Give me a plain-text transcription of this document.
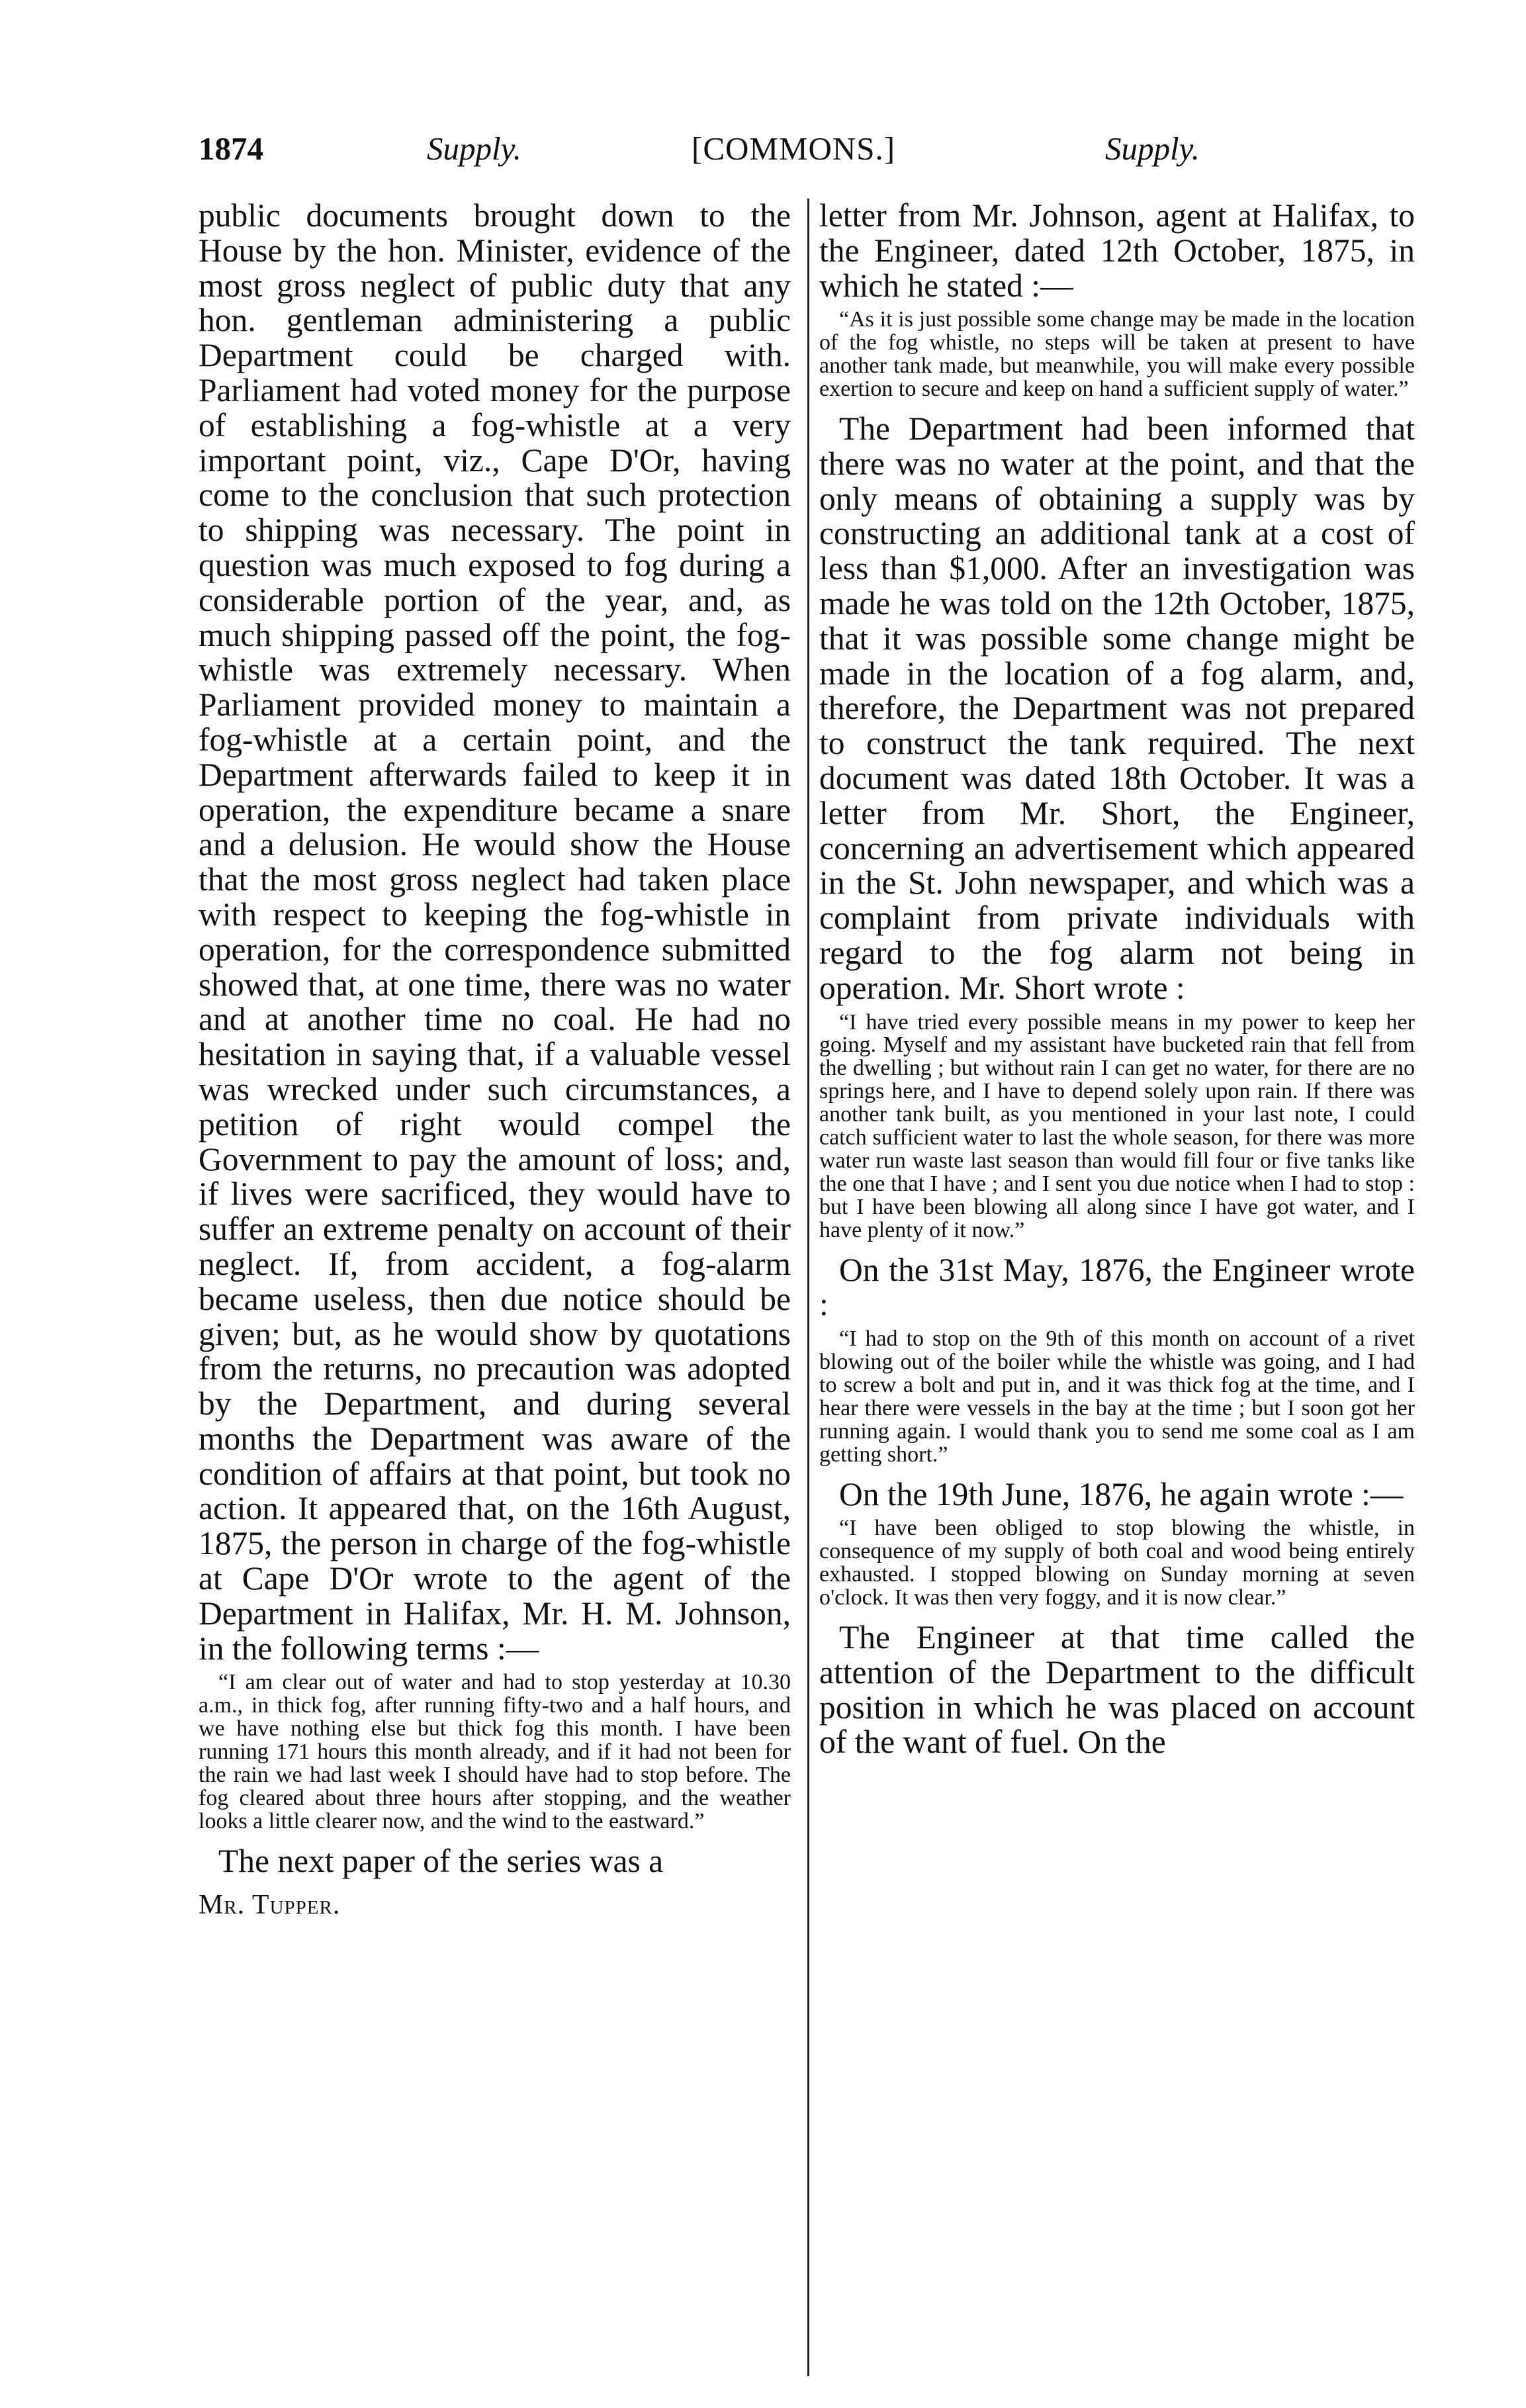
1874	Supply.	[COMMONS.]	Supply.

public documents brought down to the House by the hon. Minister, evidence of the most gross neglect of public duty that any hon. gentleman administering a public Department could be charged with. Parliament had voted money for the purpose of establishing a fog-whistle at a very important point, viz., Cape D'Or, having come to the conclusion that such protection to shipping was necessary. The point in question was much exposed to fog during a considerable portion of the year, and, as much shipping passed off the point, the fog-whistle was extremely necessary. When Parliament provided money to maintain a fog-whistle at a certain point, and the Department afterwards failed to keep it in operation, the expenditure became a snare and a delusion. He would show the House that the most gross neglect had taken place with respect to keeping the fog-whistle in operation, for the correspondence submitted showed that, at one time, there was no water and at another time no coal. He had no hesitation in saying that, if a valuable vessel was wrecked under such circumstances, a petition of right would compel the Government to pay the amount of loss; and, if lives were sacrificed, they would have to suffer an extreme penalty on account of their neglect. If, from accident, a fog-alarm became useless, then due notice should be given; but, as he would show by quotations from the returns, no precaution was adopted by the Department, and during several months the Department was aware of the condition of affairs at that point, but took no action. It appeared that, on the 16th August, 1875, the person in charge of the fog-whistle at Cape D'Or wrote to the agent of the Department in Halifax, Mr. H. M. Johnson, in the following terms :—

“I am clear out of water and had to stop yesterday at 10.30 a.m., in thick fog, after running fifty-two and a half hours, and we have nothing else but thick fog this month. I have been running 171 hours this month already, and if it had not been for the rain we had last week I should have had to stop before. The fog cleared about three hours after stopping, and the weather looks a little clearer now, and the wind to the eastward.”

The next paper of the series was a

Mr. Tupper.

letter from Mr. Johnson, agent at Halifax, to the Engineer, dated 12th October, 1875, in which he stated :—

“As it is just possible some change may be made in the location of the fog whistle, no steps will be taken at present to have another tank made, but meanwhile, you will make every possible exertion to secure and keep on hand a sufficient supply of water.”

The Department had been informed that there was no water at the point, and that the only means of obtaining a supply was by constructing an additional tank at a cost of less than $1,000. After an investigation was made he was told on the 12th October, 1875, that it was possible some change might be made in the location of a fog alarm, and, therefore, the Department was not prepared to construct the tank required. The next document was dated 18th October. It was a letter from Mr. Short, the Engineer, concerning an advertisement which appeared in the St. John newspaper, and which was a complaint from private individuals with regard to the fog alarm not being in operation. Mr. Short wrote :

“I have tried every possible means in my power to keep her going. Myself and my assistant have bucketed rain that fell from the dwelling ; but without rain I can get no water, for there are no springs here, and I have to depend solely upon rain. If there was another tank built, as you mentioned in your last note, I could catch sufficient water to last the whole season, for there was more water run waste last season than would fill four or five tanks like the one that I have ; and I sent you due notice when I had to stop : but I have been blowing all along since I have got water, and I have plenty of it now.”

On the 31st May, 1876, the Engineer wrote :

“I had to stop on the 9th of this month on account of a rivet blowing out of the boiler while the whistle was going, and I had to screw a bolt and put in, and it was thick fog at the time, and I hear there were vessels in the bay at the time ; but I soon got her running again. I would thank you to send me some coal as I am getting short.”

On the 19th June, 1876, he again wrote :—

“I have been obliged to stop blowing the whistle, in consequence of my supply of both coal and wood being entirely exhausted. I stopped blowing on Sunday morning at seven o'clock. It was then very foggy, and it is now clear.”

The Engineer at that time called the attention of the Department to the difficult position in which he was placed on account of the want of fuel. On the
